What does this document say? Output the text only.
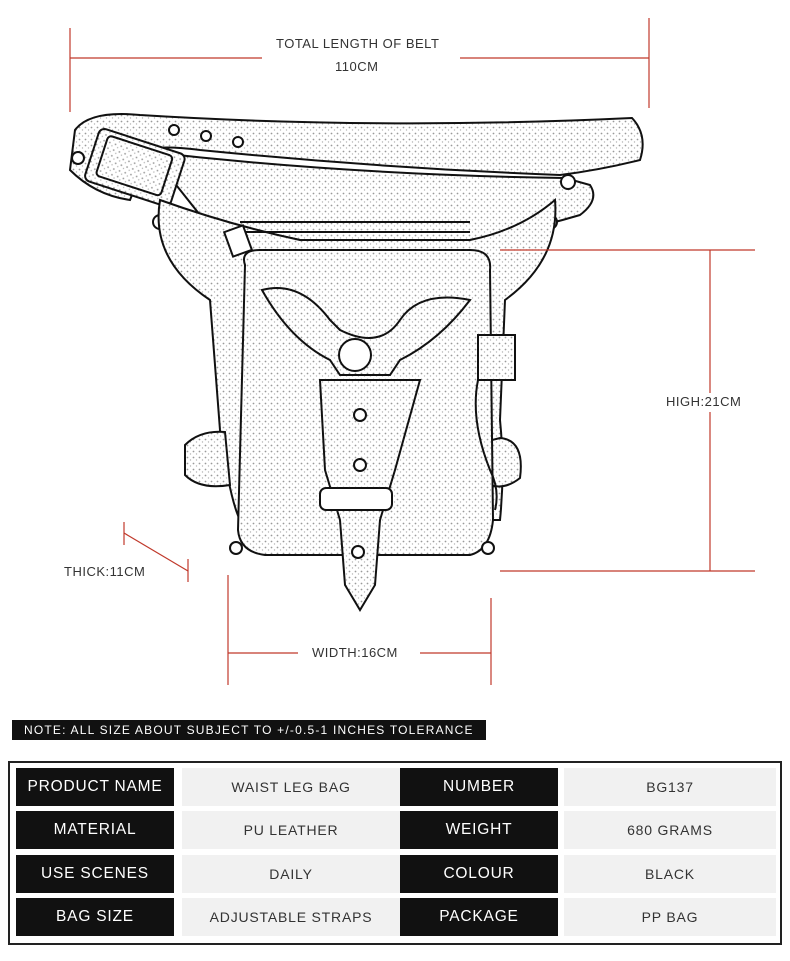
TOTAL LENGTH OF BELT
110CM
HIGH:21CM
THICK:11CM
WIDTH:16CM
NOTE: ALL SIZE ABOUT SUBJECT TO +/-0.5-1 INCHES TOLERANCE
PRODUCT NAME	WAIST LEG BAG	NUMBER	BG137
MATERIAL	PU LEATHER	WEIGHT	680 GRAMS
USE SCENES	DAILY	COLOUR	BLACK
BAG SIZE	ADJUSTABLE STRAPS	PACKAGE	PP BAG
